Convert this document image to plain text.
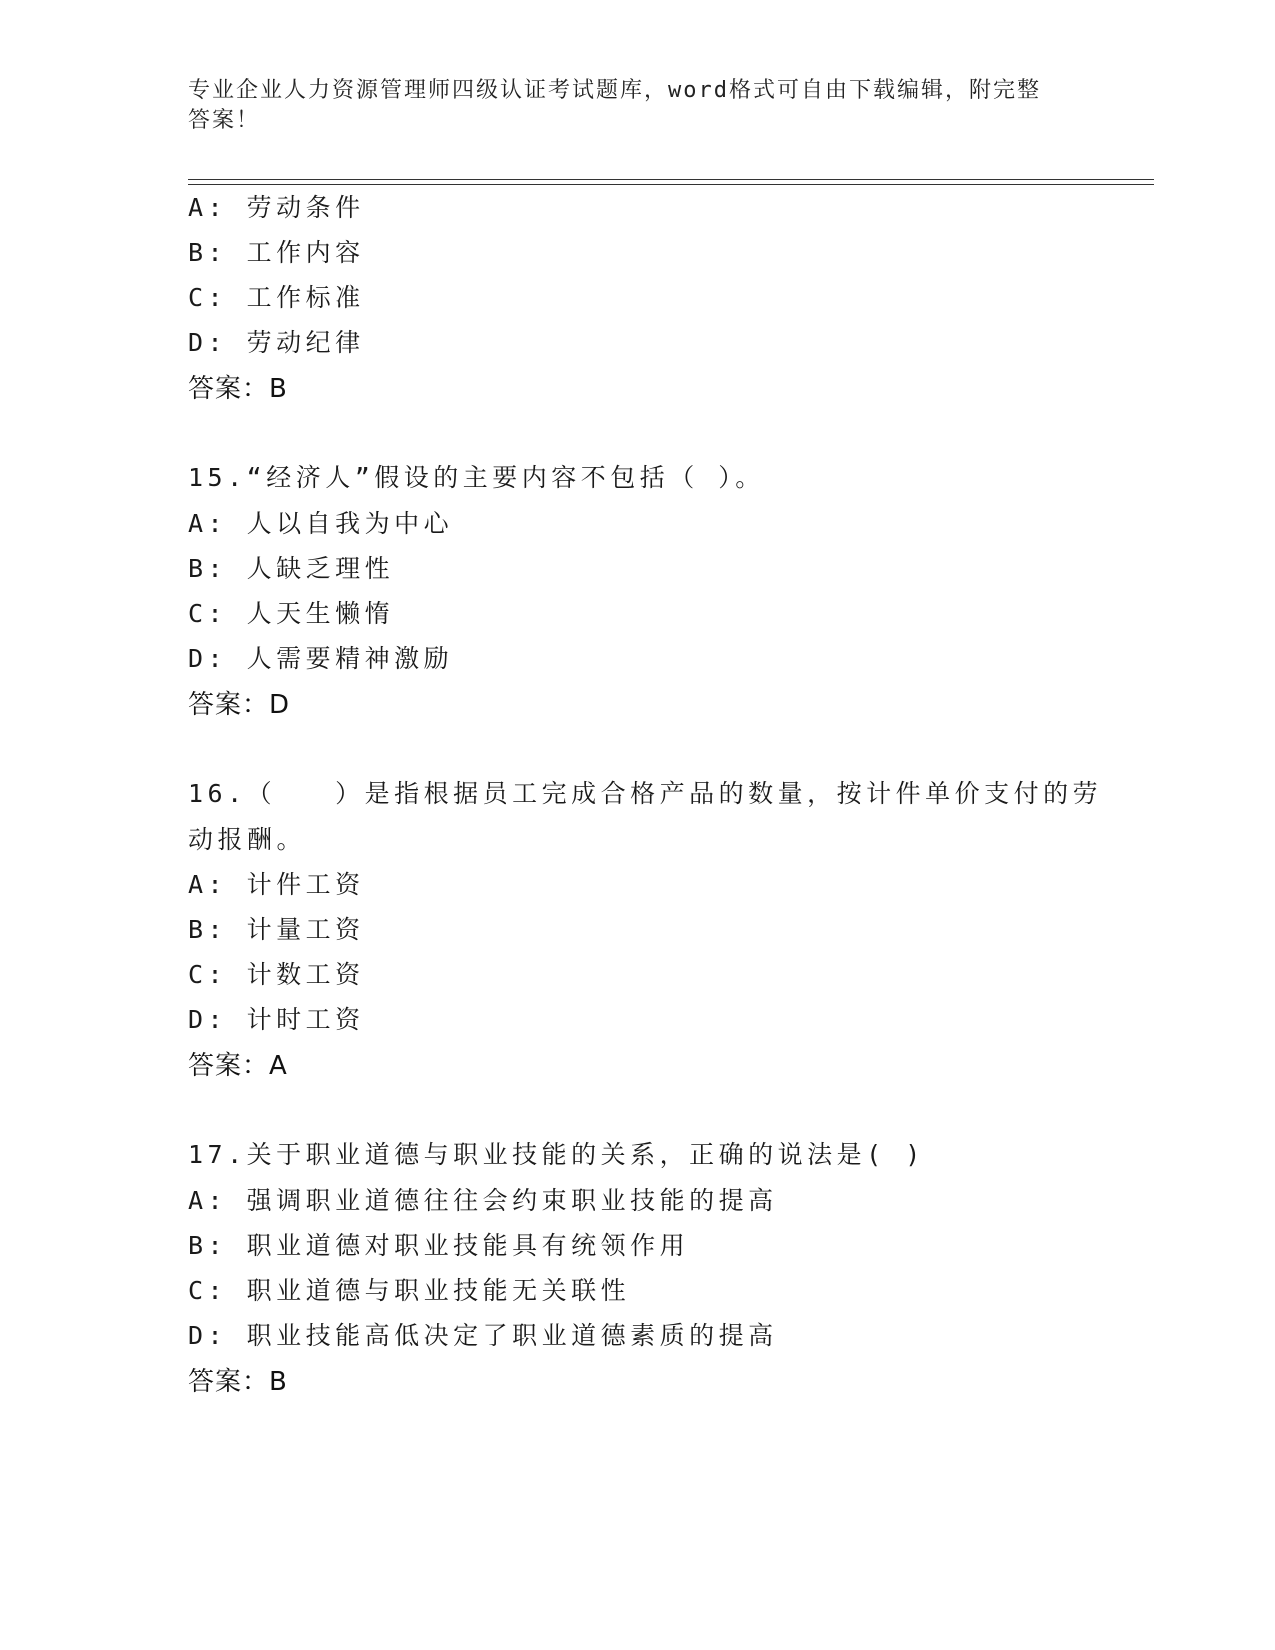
专业企业人力资源管理师四级认证考试题库，word格式可自由下载编辑，附完整
答案！
A: 劳动条件
B: 工作内容
C: 工作标准
D: 劳动纪律
答案：B
15.“经济人”假设的主要内容不包括（ ）。
A: 人以自我为中心
B: 人缺乏理性
C: 人天生懒惰
D: 人需要精神激励
答案：D
16.（　　）是指根据员工完成合格产品的数量，按计件单价支付的劳
动报酬。
A: 计件工资
B: 计量工资
C: 计数工资
D: 计时工资
答案：A
17.关于职业道德与职业技能的关系，正确的说法是( )
A: 强调职业道德往往会约束职业技能的提高
B: 职业道德对职业技能具有统领作用
C: 职业道德与职业技能无关联性
D: 职业技能高低决定了职业道德素质的提高
答案：B
